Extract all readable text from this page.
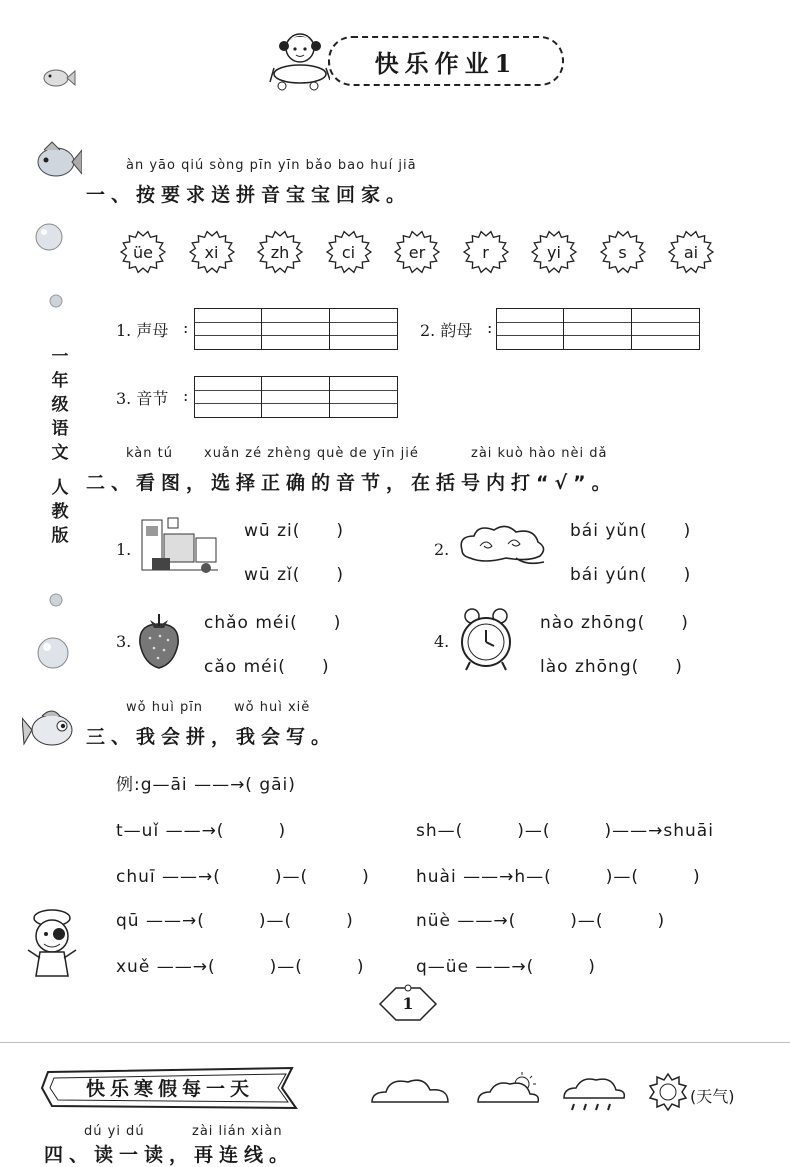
快乐作业1
一年级语文
人教版
àn yāo qiú sòng pīn yīn bǎo bao huí jiā
一、按要求送拼音宝宝回家。
üe	xi	zh	ci	er	r	yi	s	ai
1. 声母 :	2. 韵母 :
3. 音节 :
kàn tú xuǎn zé zhèng què de yīn jié	zài kuò hào nèi dǎ
二、看图，选择正确的音节，在括号内打“√”。
1.
wū zi(　　)
wū zǐ(　　)
2.
bái yǔn(　　)
bái yún(　　)
3.
chǎo méi(　　)
cǎo méi(　　)
4.
nào zhōng(　　)
lào zhōng(　　)
wǒ huì pīn wǒ huì xiě
三、我会拼，我会写。
例:g—āi ——→( gāi)
t—uǐ ——→(　　　)	sh—(　　　)—(　　　)——→shuāi
chuī ——→(　　　)—(　　　)	huài ——→h—(　　　)—(　　　)
qū ——→(　　　)—(　　　)	nüè ——→(　　　)—(　　　)
xuě ——→(　　　)—(　　　)	q—üe ——→(　　　)
1
快乐寒假每一天	(天气)
dú yi dú	zài lián xiàn
四、读一读，再连线。
